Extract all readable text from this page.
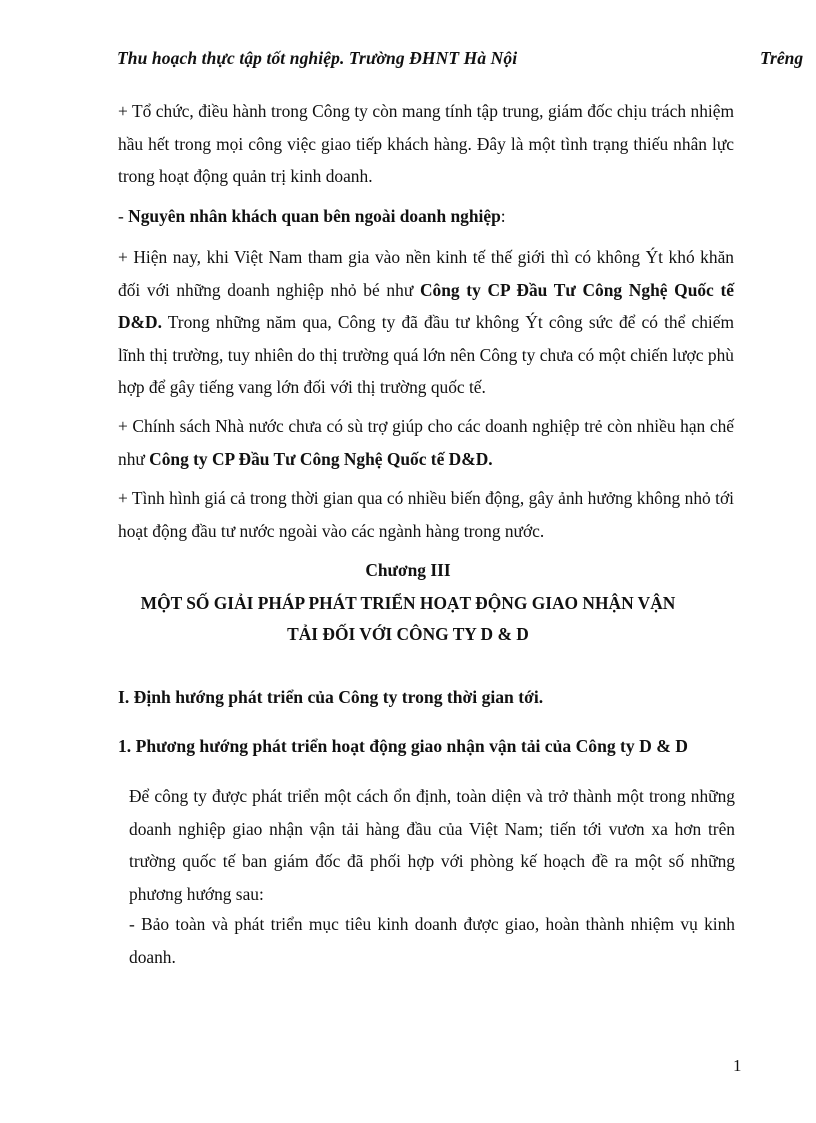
Thu hoạch thực tập tốt nghiệp. Trường ĐHNT Hà Nội	Trêng

+ Tổ chức, điều hành trong Công ty còn mang tính tập trung, giám đốc chịu trách nhiệm hầu hết trong mọi công việc giao tiếp khách hàng. Đây là một tình trạng thiếu nhân lực trong hoạt động quản trị kinh doanh.

- Nguyên nhân khách quan bên ngoài doanh nghiệp:

+ Hiện nay, khi Việt Nam tham gia vào nền kinh tế thế giới thì có không Ýt khó khăn đối với những doanh nghiệp nhỏ bé như Công ty CP Đầu Tư Công Nghệ Quốc tế D&D. Trong những năm qua, Công ty đã đầu tư không Ýt công sức để có thể chiếm lĩnh thị trường, tuy nhiên do thị trường quá lớn nên Công ty chưa có một chiến lược phù hợp để gây tiếng vang lớn đối với thị trường quốc tế.

+ Chính sách Nhà nước chưa có sù trợ giúp cho các doanh nghiệp trẻ còn nhiều hạn chế như Công ty CP Đầu Tư Công Nghệ Quốc tế D&D.

+ Tình hình giá cả trong thời gian qua có nhiều biến động, gây ảnh hưởng không nhỏ tới hoạt động đầu tư nước ngoài vào các ngành hàng trong nước.

Chương III
MỘT SỐ GIẢI PHÁP PHÁT TRIỂN HOẠT ĐỘNG GIAO NHẬN VẬN
TẢI ĐỐI VỚI CÔNG TY D & D
I. Định hướng phát triển của Công ty trong thời gian tới.
1. Phương hướng phát triển hoạt động giao nhận vận tải của Công ty D & D

Để công ty được phát triển một cách ổn định, toàn diện và trở thành một trong những doanh nghiệp giao nhận vận tải hàng đầu của Việt Nam; tiến tới vươn xa hơn trên trường quốc tế ban giám đốc đã phối hợp với phòng kế hoạch đề ra một số những phương hướng sau:

- Bảo toàn và phát triển mục tiêu kinh doanh được giao, hoàn thành nhiệm vụ kinh doanh.

1
